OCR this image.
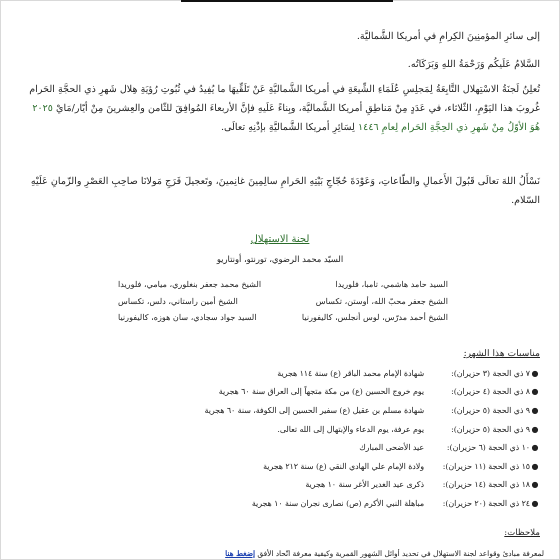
إلى سائرِ المؤمنِينَ الكِرامِ في أمريكا الشَّماليَّة.
السَّلامُ عَلَيكُم وَرَحْمَةُ اللهِ وَبَرَكَاتُه.
تُعلِنُ لَجنَةُ الاسْتِهلال التَّابِعَةُ لِمَجلِسِ عُلَمَاءِ الشِّيعَةِ في أمريكا الشَّماليَّةِ عَنْ تَلَقِّيهَا ما يُفِيدُ في ثُبُوتِ رُؤيَةِ هِلال شَهرِ ذي الحجَّةِ الحَرام غُروبَ هذا اليَوْمِ، الثّلاثاء، في عَدَدٍ مِنْ مَناطِقِ أمريكا الشَّماليَّة، وبِناءً عَلَيهِ فإنَّ الأربعاءَ المُوافِقَ للثّامن والعِشرينَ مِنْ أيّار/مَايْ ٢٠٢٥ هُوَ الأوّلُ مِنْ شَهرِ ذي الحِجَّةِ الحَرام لِعامِ ١٤٤٦ لِسَائِرِ أمريكا الشَّماليَّةِ بإذْنِهِ تعالَى.
نَسْأَلُ اللهَ تعالَى قَبُولَ الأَعمالِ والطّاعاتِ، وَعَوْدَةَ حُجّاجِ بَيْتِهِ الحَرامِ سالِمِينَ غانِمينَ، وتَعجيلَ فَرَجِ مَولانَا صاحِبِ العَصْرِ والزّمانِ عَلَيْهِ السّلام.
لجنة الاستهلال
السيّد محمد الرضوي، تورنتو، أونتاريو
الشيخ محمد جعفر بنغلوري، ميامي، فلوريدا	السيد حامد هاشمي، تامبا، فلوريدا
الشيخ أمين راستاني، دلس، تكساس	الشيخ جعفر محبّ الله، أوستن، تكساس
السيد جواد سجادي، سان هوزه، كاليفورنيا	الشيخ أحمد مدرّس، لوس أنجلس، كاليفورنيا
مناسبات هذا الشهر:
●
٧ ذي الحجة (٣ حزيران):
شهادة الإمام محمد الباقر (ع) سنة ١١٤ هجرية
●
٨ ذي الحجة (٤ حزيران):
يوم خروج الحسين (ع) من مكة متجهاً إلى العراق سنة ٦٠ هجرية
●
٩ ذي الحجة (٥ حزيران):
شهادة مسلم بن عقيل (ع) سفير الحسين إلى الكوفة، سنة ٦٠ هجرية
●
٩ ذي الحجة (٥ حزيران):
يوم عرفة، يوم الدعاء والإبتهال إلى الله تعالى.
●
١٠ ذي الحجة (٦ حزيران):
عيد الأضحى المبارك
●
١٥ ذي الحجة (١١ حزيران):
ولادة الإمام علي الهادي النقي (ع) سنة ٢١٢ هجرية
●
١٨ ذي الحجة (١٤ حزيران):
ذكرى عيد الغدير الأغر سنة ١٠ هجرية
●
٢٤ ذي الحجة (٢٠ حزيران):
مباهلة النبي الأكرم (ص) نصارى نجران سنة ١٠ هجرية
ملاحظات:
لمعرفة مبادئ وقواعد لجنة الاستهلال في تحديد أوائل الشهور القمرية وكيفية معرفة اتّحاد الأفق إضغط هنا
